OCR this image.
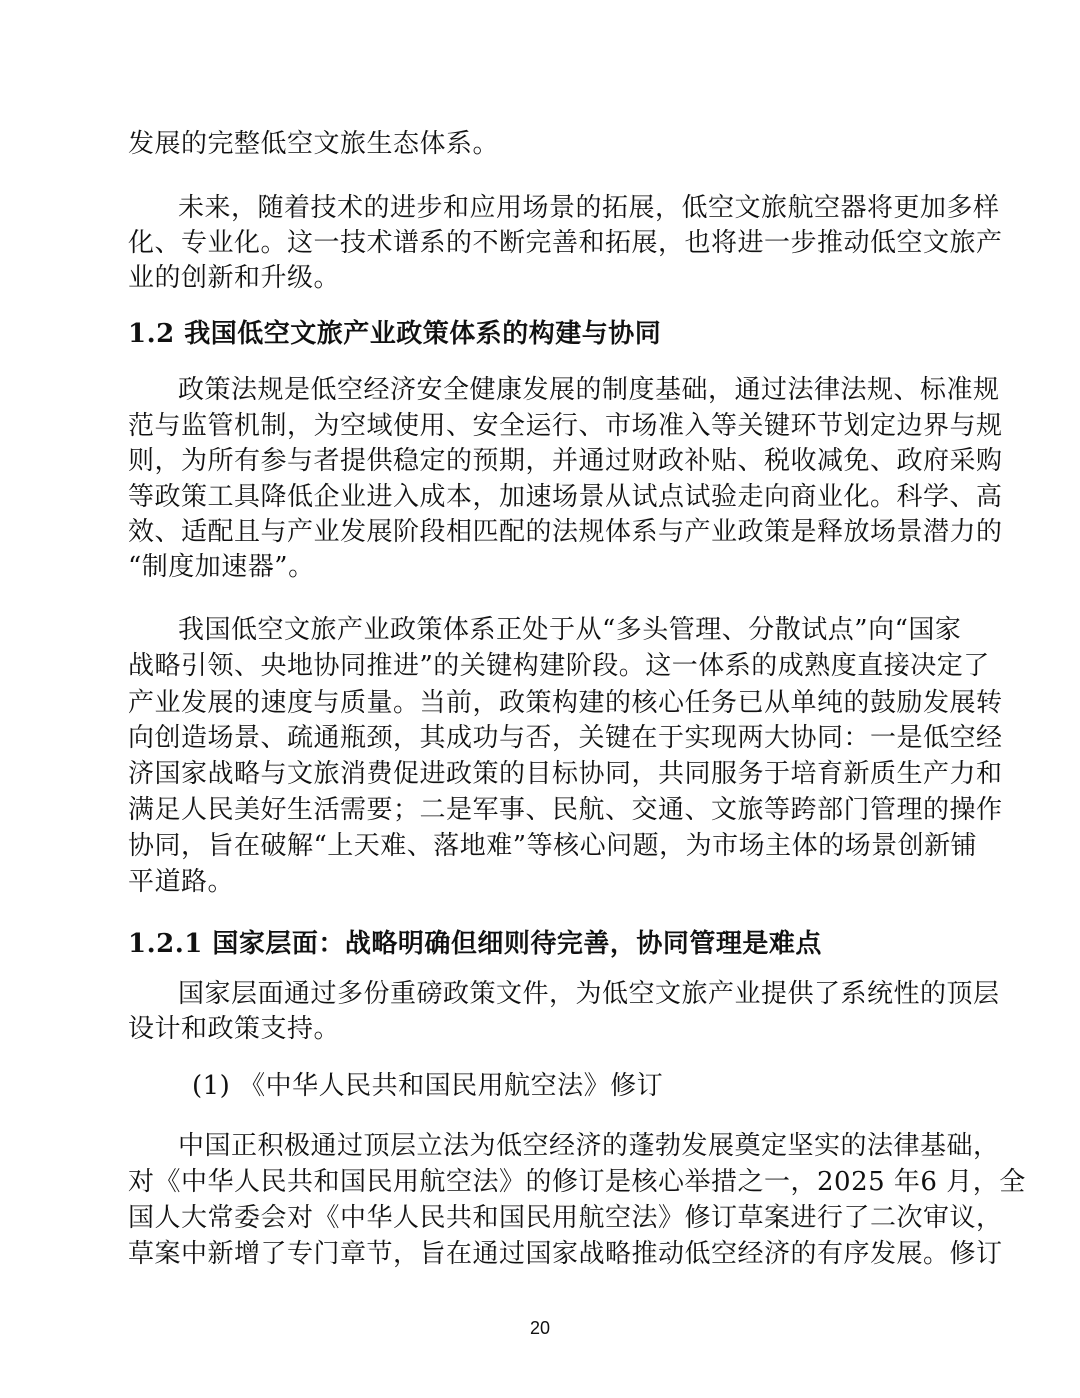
发展的完整低空文旅生态体系。

未来，随着技术的进步和应用场景的拓展，低空文旅航空器将更加多样

化、专业化。这一技术谱系的不断完善和拓展，也将进一步推动低空文旅产

业的创新和升级。

1.2 我国低空文旅产业政策体系的构建与协同

政策法规是低空经济安全健康发展的制度基础，通过法律法规、标准规

范与监管机制，为空域使用、安全运行、市场准入等关键环节划定边界与规

则，为所有参与者提供稳定的预期，并通过财政补贴、税收减免、政府采购

等政策工具降低企业进入成本，加速场景从试点试验走向商业化。科学、高

效、适配且与产业发展阶段相匹配的法规体系与产业政策是释放场景潜力的

“制度加速器”。

我国低空文旅产业政策体系正处于从“多头管理、分散试点”向“国家

战略引领、央地协同推进”的关键构建阶段。这一体系的成熟度直接决定了

产业发展的速度与质量。当前，政策构建的核心任务已从单纯的鼓励发展转

向创造场景、疏通瓶颈，其成功与否，关键在于实现两大协同：一是低空经

济国家战略与文旅消费促进政策的目标协同，共同服务于培育新质生产力和

满足人民美好生活需要；二是军事、民航、交通、文旅等跨部门管理的操作

协同，旨在破解“上天难、落地难”等核心问题，为市场主体的场景创新铺

平道路。

1.2.1 国家层面：战略明确但细则待完善，协同管理是难点

国家层面通过多份重磅政策文件，为低空文旅产业提供了系统性的顶层

设计和政策支持。

(1) 《中华人民共和国民用航空法》修订

中国正积极通过顶层立法为低空经济的蓬勃发展奠定坚实的法律基础，

对《中华人民共和国民用航空法》的修订是核心举措之一，2025 年6 月，全

国人大常委会对《中华人民共和国民用航空法》修订草案进行了二次审议，

草案中新增了专门章节，旨在通过国家战略推动低空经济的有序发展。修订

20
